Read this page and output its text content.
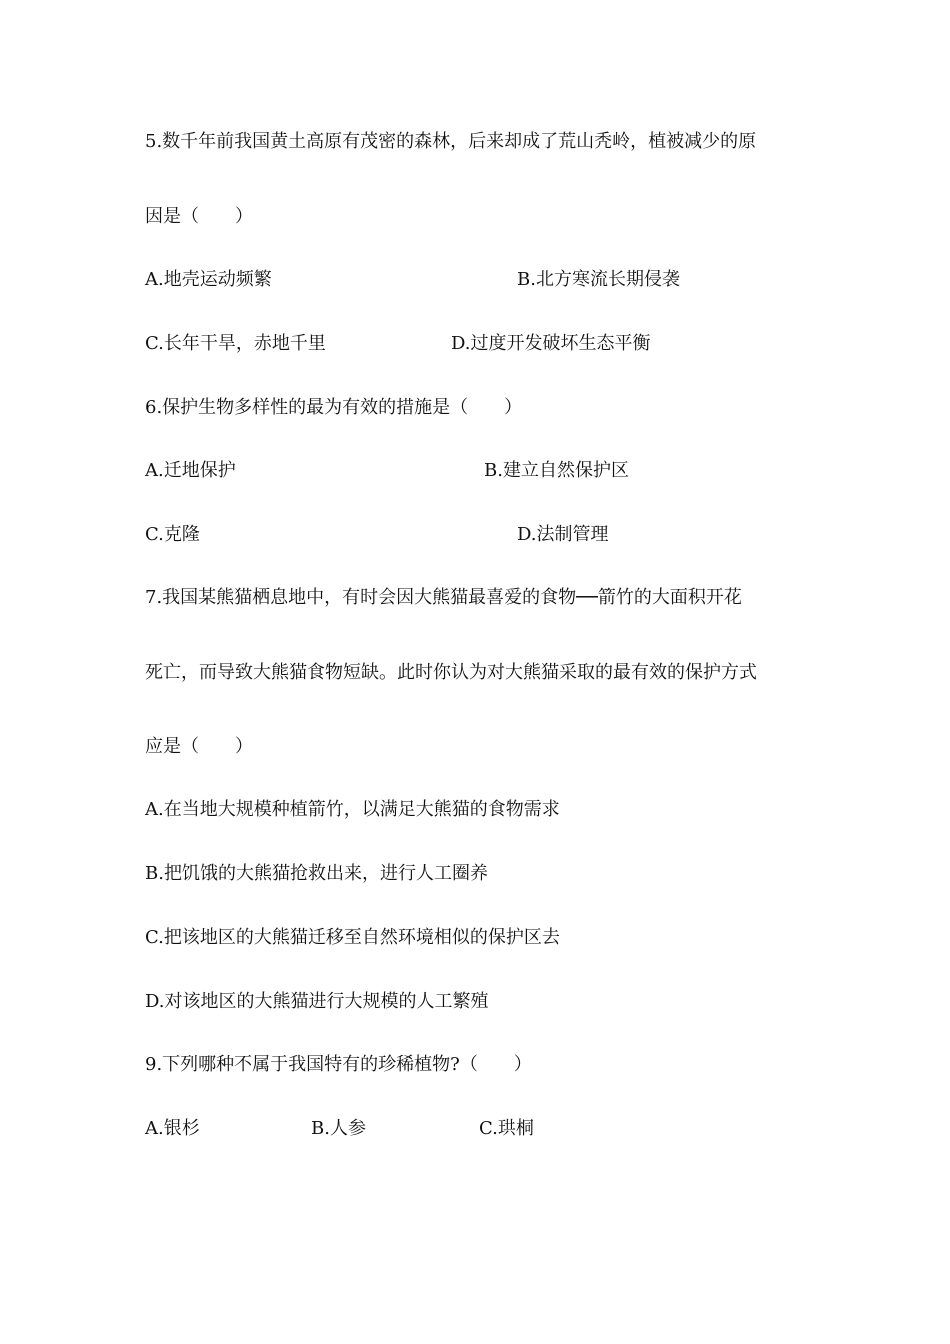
5.数千年前我国黄土高原有茂密的森林，后来却成了荒山秃岭，植被减少的原
因是（　　）
A.地壳运动频繁	B.北方寒流长期侵袭
C.长年干旱，赤地千里	D.过度开发破坏生态平衡
6.保护生物多样性的最为有效的措施是（　　）
A.迁地保护	B.建立自然保护区
C.克隆	D.法制管理
7.我国某熊猫栖息地中，有时会因大熊猫最喜爱的食物──箭竹的大面积开花
死亡，而导致大熊猫食物短缺。此时你认为对大熊猫采取的最有效的保护方式
应是（　　）
A.在当地大规模种植箭竹，以满足大熊猫的食物需求
B.把饥饿的大熊猫抢救出来，进行人工圈养
C.把该地区的大熊猫迁移至自然环境相似的保护区去
D.对该地区的大熊猫进行大规模的人工繁殖
9.下列哪种不属于我国特有的珍稀植物?（　　）
A.银杉	B.人参	C.珙桐
